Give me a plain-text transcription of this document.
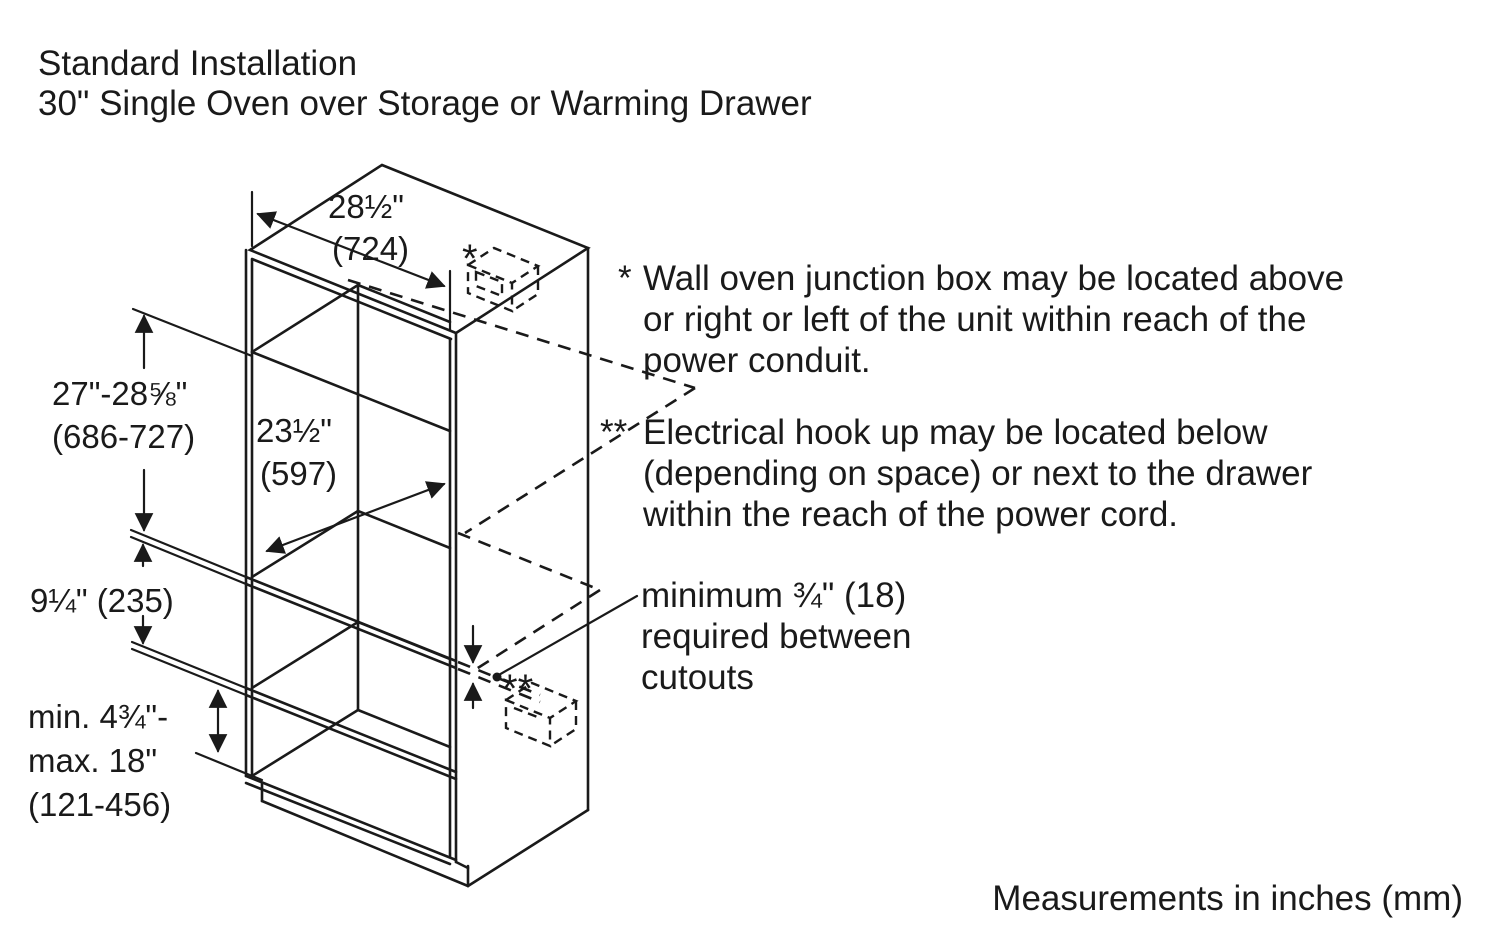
Standard Installation
30" Single Oven over Storage or Warming Drawer
28½"
(724)
27"-28⅝"
(686-727) 23½"
(597)
9¼" (235)
min. 4¾"-
max. 18"
(121-456)
*
**
* Wall oven junction box may be located above
or right or left of the unit within reach of the
power conduit.
** Electrical hook up may be located below
(depending on space) or next to the drawer
within the reach of the power cord.
minimum ¾" (18)
required between
cutouts
Measurements in inches (mm)
